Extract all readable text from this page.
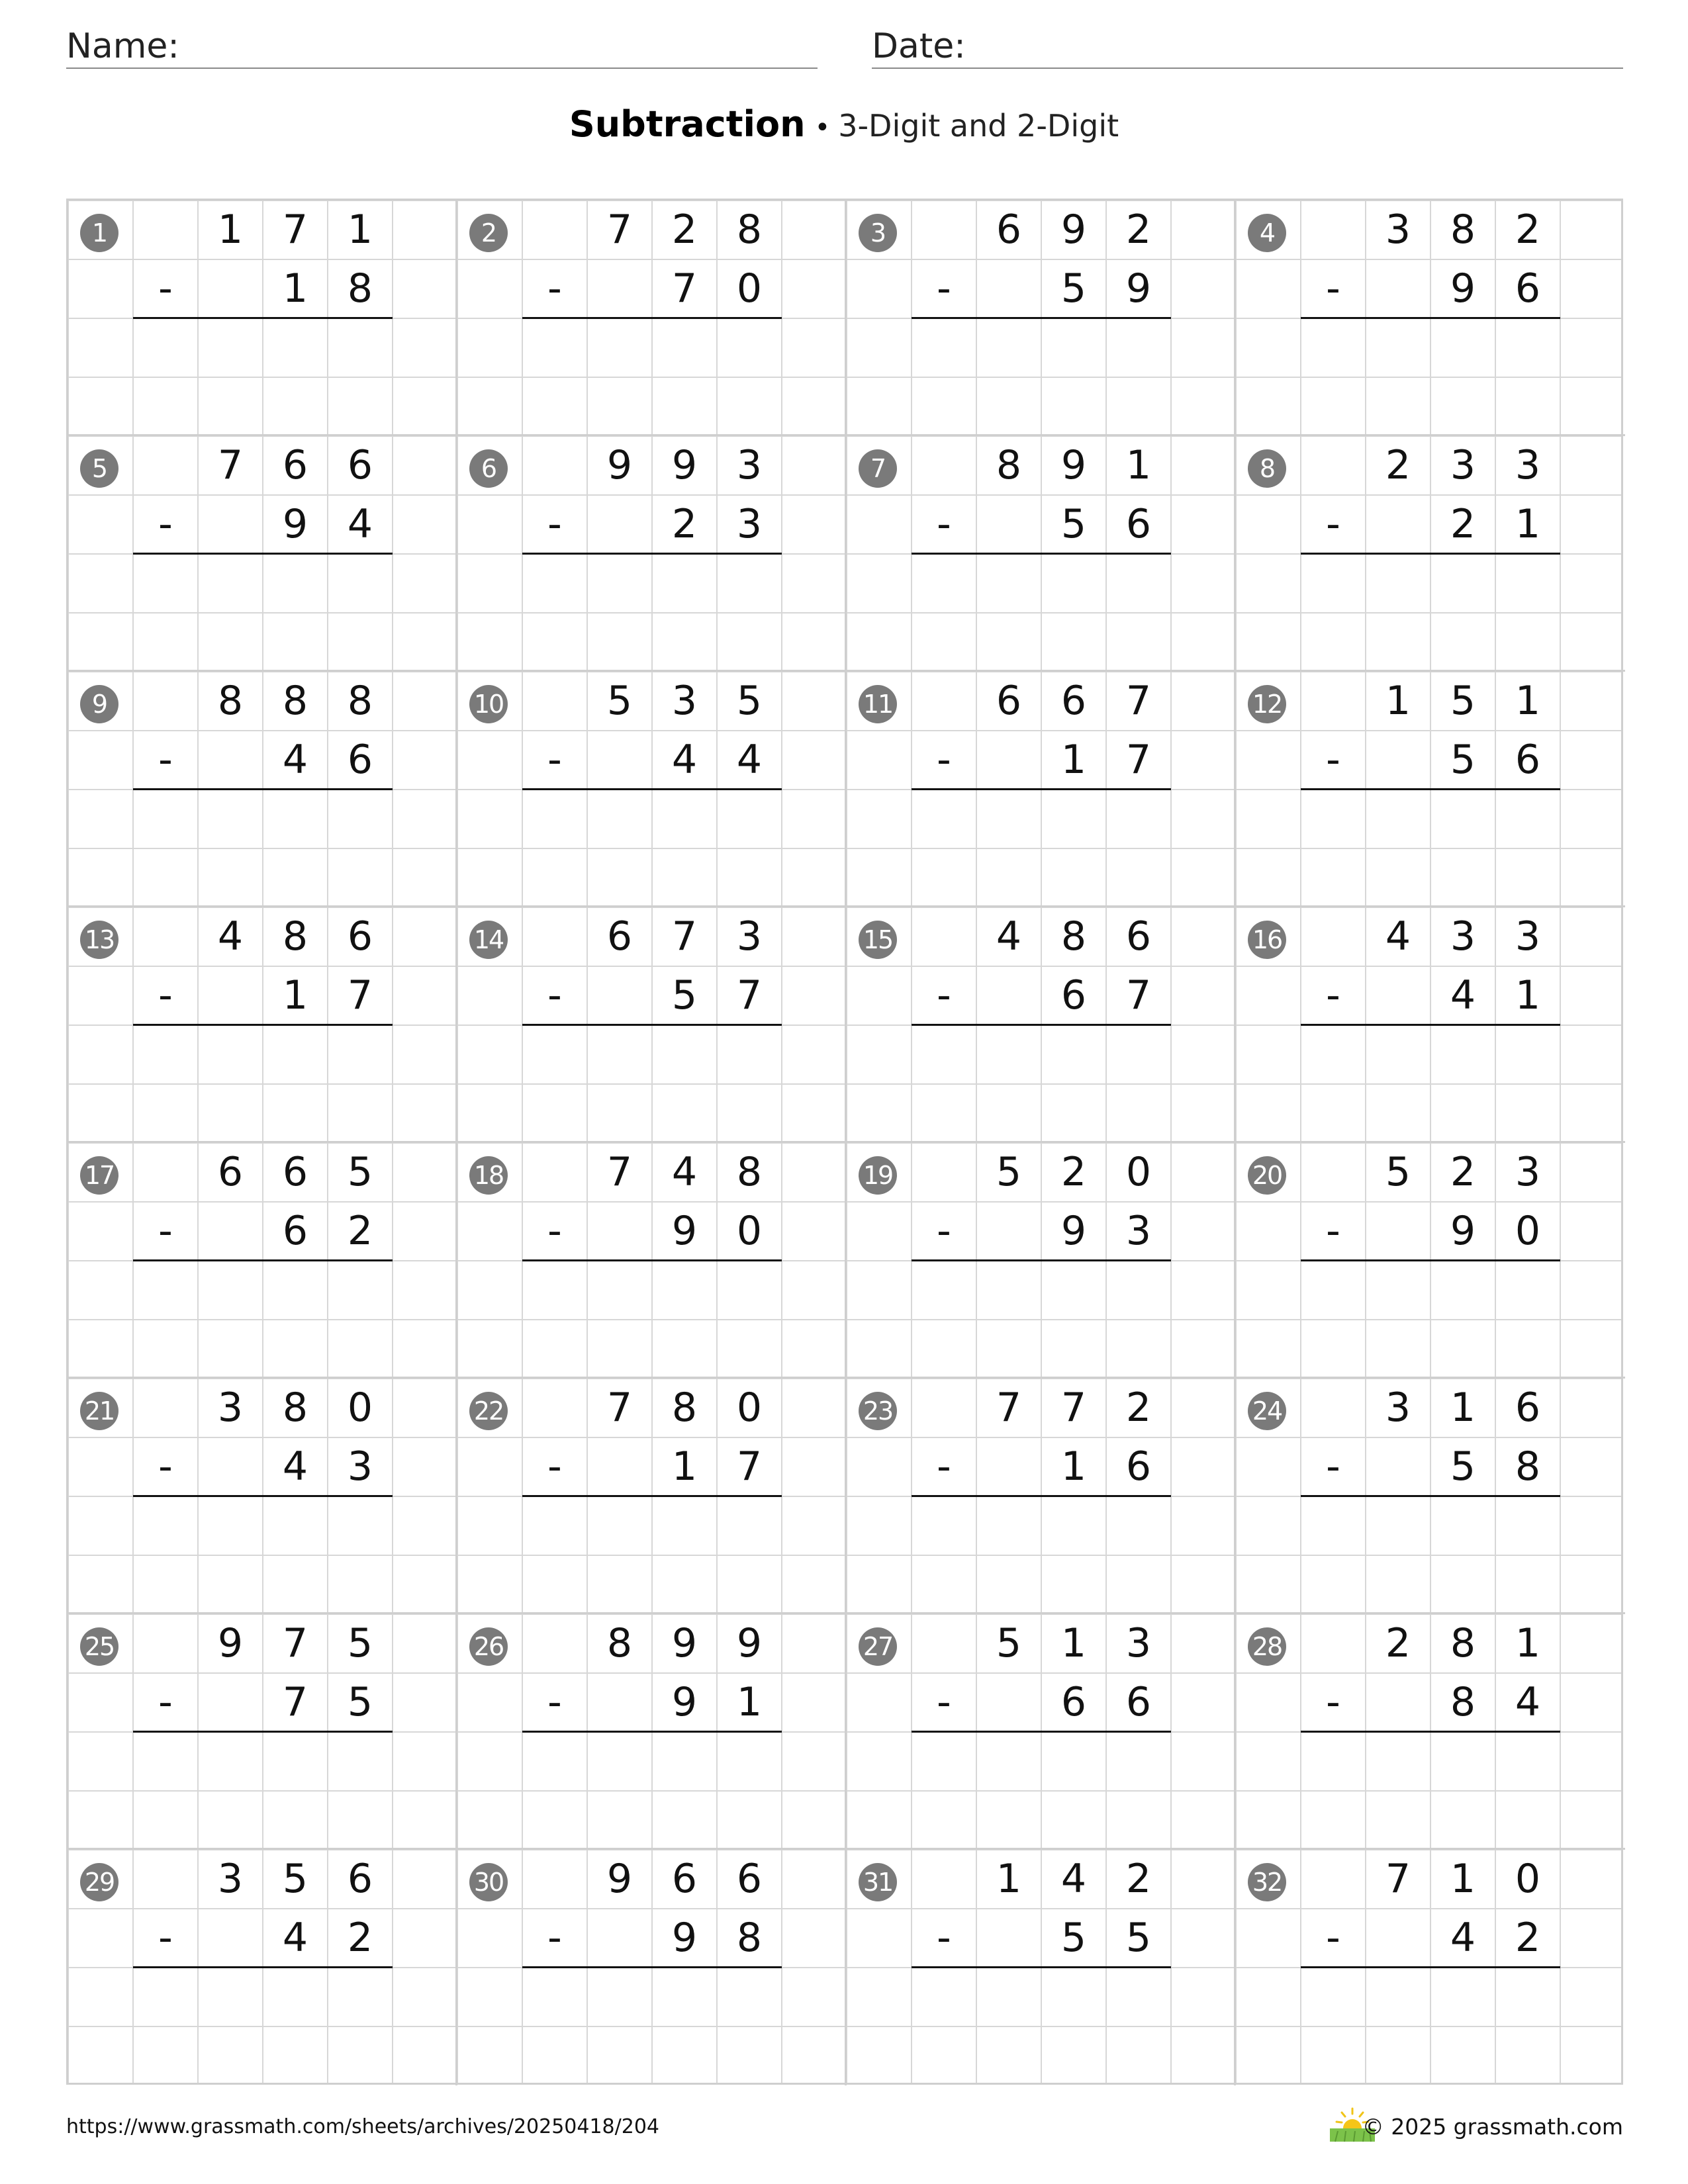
Name:	Date:
Subtraction • 3-Digit and 2-Digit
1	1 7 1
-	1 8
2	7 2 8
-	7 0
3	6 9 2
-	5 9
4	3 8 2
-	9 6
5	7 6 6
-	9 4
6	9 9 3
-	2 3
7	8 9 1
-	5 6
8	2 3 3
-	2 1
9	8 8 8
-	4 6
10	5 3 5
-	4 4
11	6 6 7
-	1 7
12	1 5 1
-	5 6
13	4 8 6
-	1 7
14	6 7 3
-	5 7
15	4 8 6
-	6 7
16	4 3 3
-	4 1
17	6 6 5
-	6 2
18	7 4 8
-	9 0
19	5 2 0
-	9 3
20	5 2 3
-	9 0
21	3 8 0
-	4 3
22	7 8 0
-	1 7
23	7 7 2
-	1 6
24	3 1 6
-	5 8
25	9 7 5
-	7 5
26	8 9 9
-	9 1
27	5 1 3
-	6 6
28	2 8 1
-	8 4
29	3 5 6
-	4 2
30	9 6 6
-	9 8
31	1 4 2
-	5 5
32	7 1 0
-	4 2
https://www.grassmath.com/sheets/archives/20250418/204	© 2025 grassmath.com
